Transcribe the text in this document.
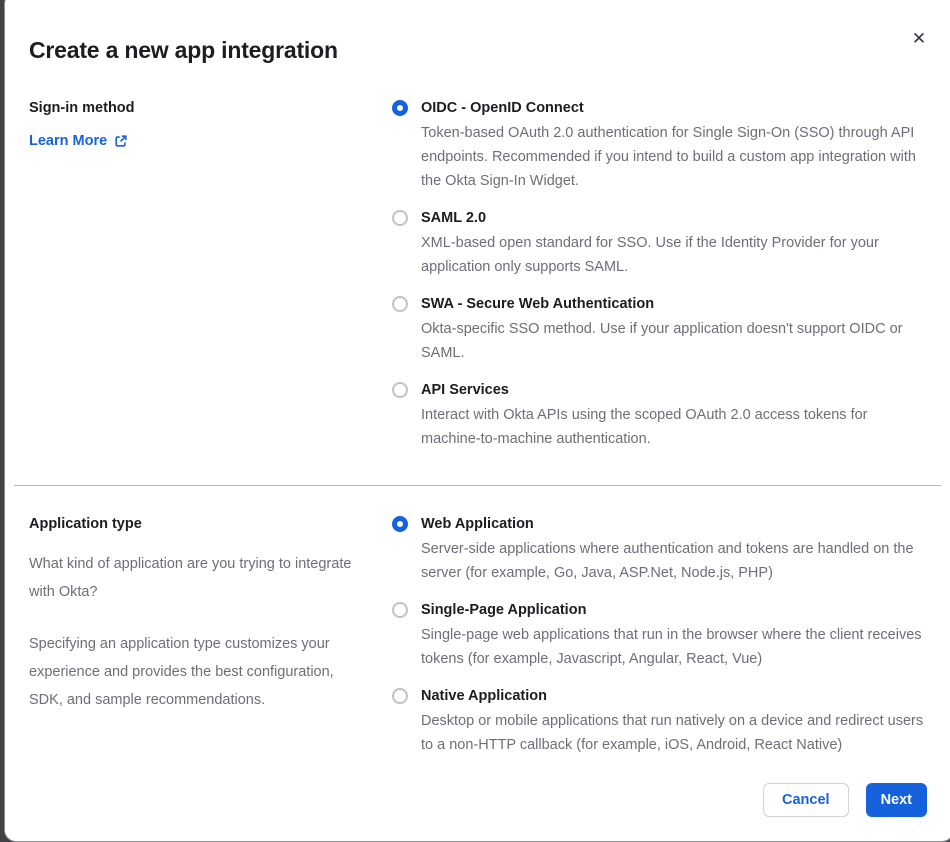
Create a new app integration	✕
Sign-in method
Learn More
OIDC - OpenID Connect
Token-based OAuth 2.0 authentication for Single Sign-On (SSO) through API endpoints. Recommended if you intend to build a custom app integration with the Okta Sign-In Widget.
SAML 2.0
XML-based open standard for SSO. Use if the Identity Provider for your application only supports SAML.
SWA - Secure Web Authentication
Okta-specific SSO method. Use if your application doesn't support OIDC or SAML.
API Services
Interact with Okta APIs using the scoped OAuth 2.0 access tokens for machine-to-machine authentication.
Application type

What kind of application are you trying to integrate with Okta?

Specifying an application type customizes your experience and provides the best configuration, SDK, and sample recommendations.

Web Application
Server-side applications where authentication and tokens are handled on the server (for example, Go, Java, ASP.Net, Node.js, PHP)
Single-Page Application
Single-page web applications that run in the browser where the client receives tokens (for example, Javascript, Angular, React, Vue)
Native Application
Desktop or mobile applications that run natively on a device and redirect users to a non-HTTP callback (for example, iOS, Android, React Native)
Cancel	Next
